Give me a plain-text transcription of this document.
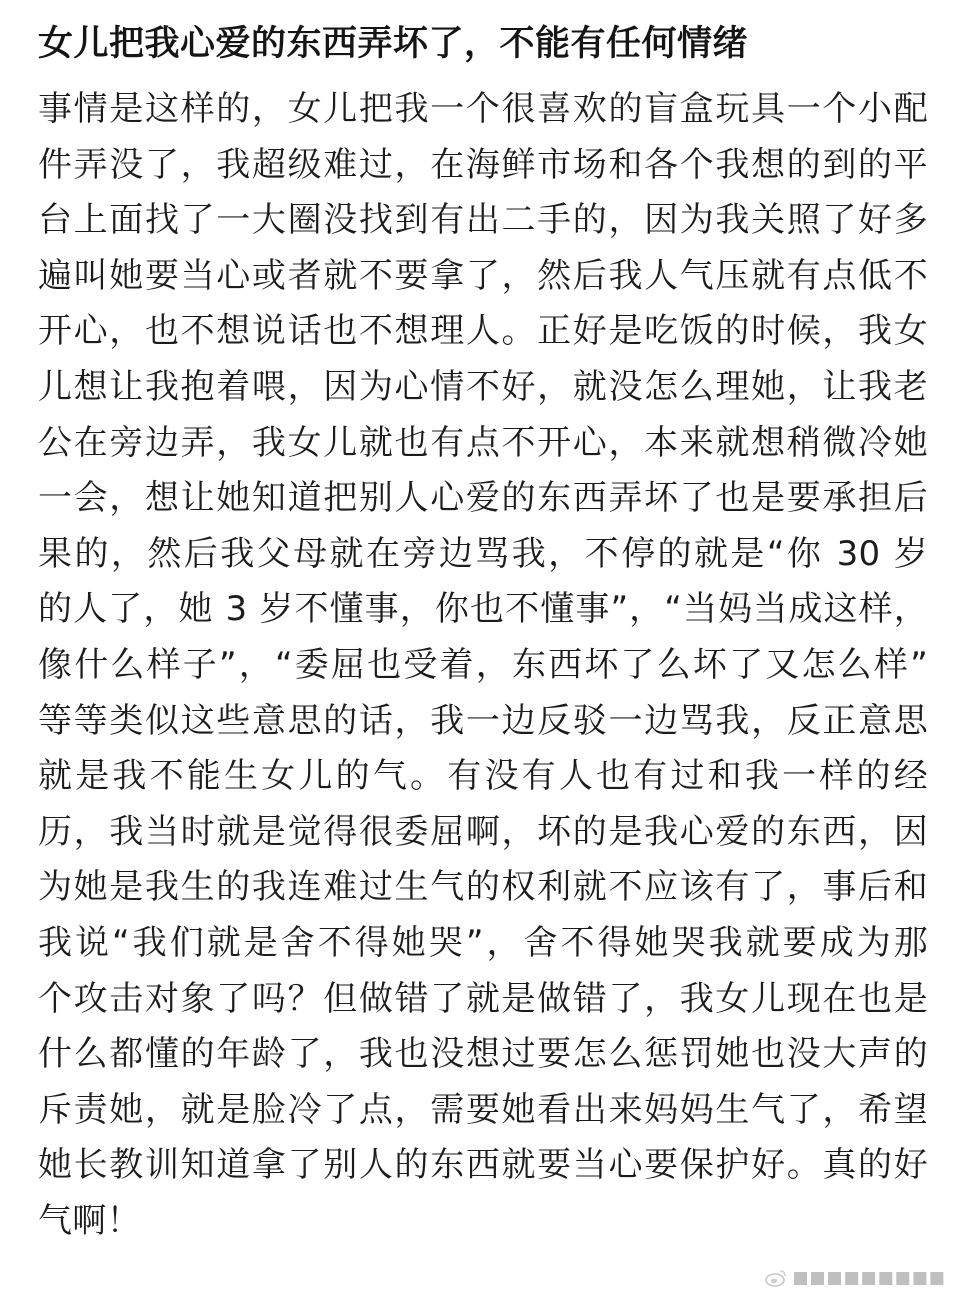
女儿把我心爱的东西弄坏了，不能有任何情绪
事情是这样的，女儿把我一个很喜欢的盲盒玩具一个小配
件弄没了，我超级难过，在海鲜市场和各个我想的到的平
台上面找了一大圈没找到有出二手的，因为我关照了好多
遍叫她要当心或者就不要拿了，然后我人气压就有点低不
开心，也不想说话也不想理人。正好是吃饭的时候，我女
儿想让我抱着喂，因为心情不好，就没怎么理她，让我老
公在旁边弄，我女儿就也有点不开心，本来就想稍微冷她
一会，想让她知道把别人心爱的东西弄坏了也是要承担后
果的，然后我父母就在旁边骂我，不停的就是“你 30 岁
的人了，她 3 岁不懂事，你也不懂事”，“当妈当成这样，
像什么样子”，“委屈也受着，东西坏了么坏了又怎么样”
等等类似这些意思的话，我一边反驳一边骂我，反正意思
就是我不能生女儿的气。有没有人也有过和我一样的经
历，我当时就是觉得很委屈啊，坏的是我心爱的东西，因
为她是我生的我连难过生气的权利就不应该有了，事后和
我说“我们就是舍不得她哭”，舍不得她哭我就要成为那
个攻击对象了吗？但做错了就是做错了，我女儿现在也是
什么都懂的年龄了，我也没想过要怎么惩罚她也没大声的
斥责她，就是脸冷了点，需要她看出来妈妈生气了，希望
她长教训知道拿了别人的东西就要当心要保护好。真的好
气啊！
■■■■■■■■■
